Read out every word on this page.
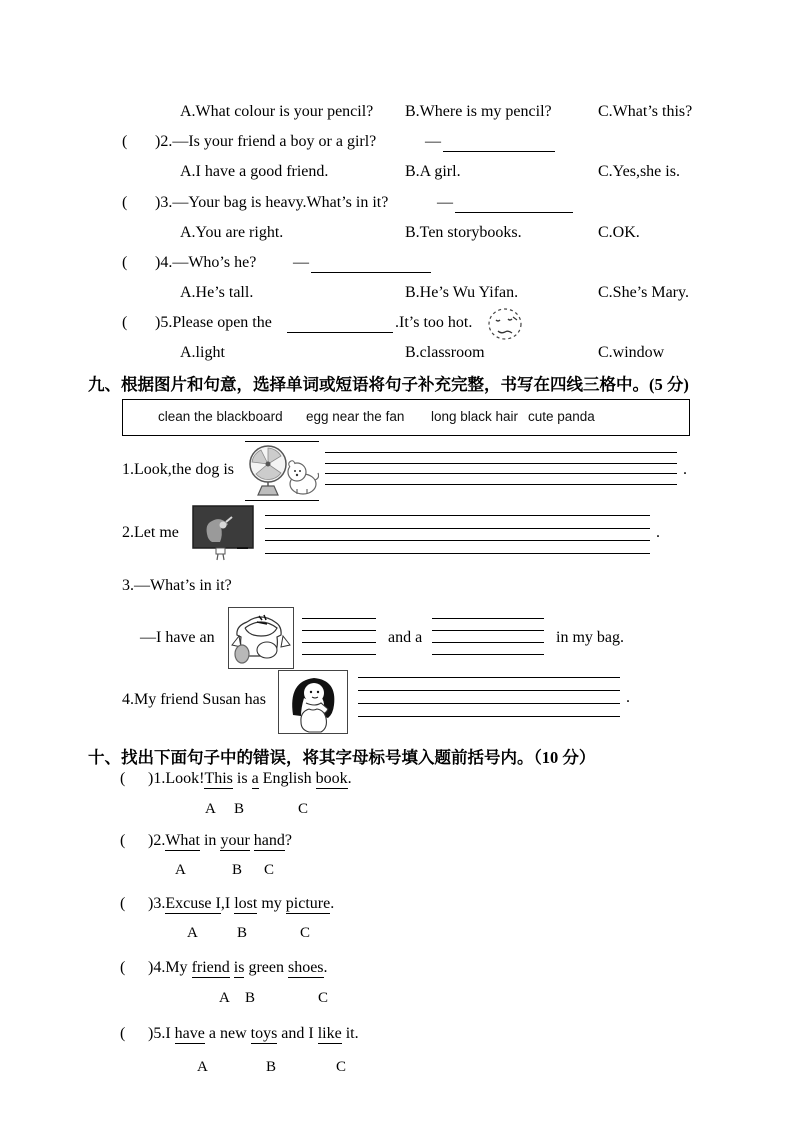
A.What colour is your pencil? B.Where is my pencil?	C.What’s this?
( )2.—Is your friend a boy or a girl?	—
A.I have a good friend.	B.A girl.	C.Yes,she is.
( )3.—Your bag is heavy.What’s in it?	—
A.You are right.	B.Ten storybooks.	C.OK.
( )4.—Who’s he? —
A.He’s tall.	B.He’s Wu Yifan.	C.She’s Mary.
( )5.Please open the	.It’s too hot.
A.light	B.classroom	C.window
九、根据图片和句意，选择单词或短语将句子补充完整，书写在四线三格中。(5 分)
clean the blackboard egg near the fan long black hair cute panda
1.Look,the dog is	.
2.Let me	.
3.—What’s in it?
—I have an	and a	in my bag.
4.My friend Susan has	.
十、找出下面句子中的错误，将其字母标号填入题前括号内。（10 分）
( )1.Look!This is a English book.
A B	C
( )2.What in your hand?
A	B C
( )3.Excuse I,I lost my picture.
A	B	C
( )4.My friend is green shoes.
A B	C
( )5.I have a new toys and I like it.
A	B	C
